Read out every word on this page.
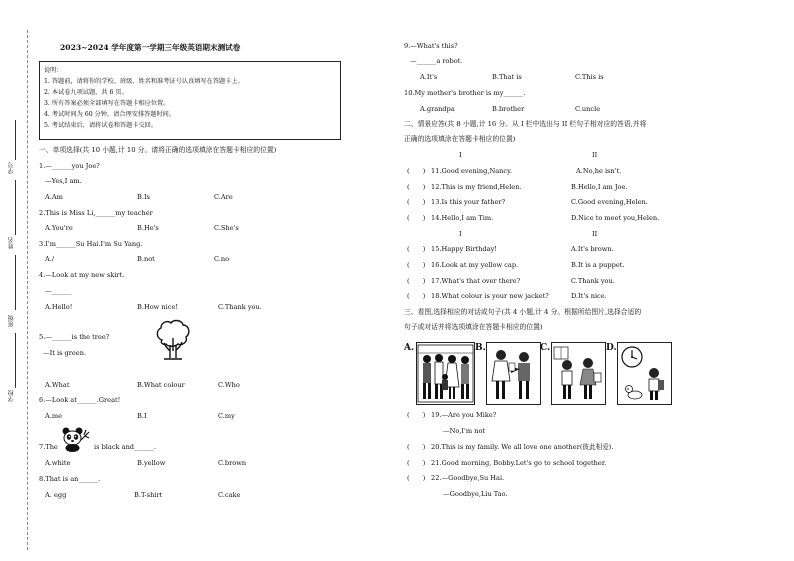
学号
姓名
班级
学校
2023~2024 学年度第一学期三年级英语期末测试卷
说明：
1. 答题前，请将你的学校、班级、姓名和准考证号认真填写在答题卡上。
2. 本试卷九项试题，共 6 页。
3. 所有答案必须全部填写在答题卡相应位置。
4. 考试时间为 60 分钟，请合理安排答题时间。
5. 考试结束后，请将试卷和答题卡交回。
一、单项选择(共 10 小题,计 10 分。请将正确的选项填涂在答题卡相应的位置)
1.—______you Joe?
—Yes,I am.
A.Am	B.Is	C.Are
2.This is Miss Li,______my teacher
A.You're	B.He's	C.She's
3.I'm______Su Hai.I'm Su Yang.
A./	B.not	C.no
4.—Look at my new skirt.
—______
A.Hello!	B.How nice!	C.Thank you.
5.—______is the tree?
—It is green.
A.What	B.What colour	C.Who
6.—Look at______.Great!
A.me	B.I	C.my
7.The	is black and______.
A.white	B.yellow	C.brown
8.That is an______.
A. egg	B.T-shirt	C.cake
9.—What's this?
—______a robot.
A.It's	B.That is	C.This is
10.My mother's brother is my______.
A.grandpa	B.brother	C.uncle
二、情景应答(共 8 小题,计 16 分。从 I 栏中选出与 II 栏句子相对应的答语,并将
正确的选项填涂在答题卡相应的位置)
I	II
(　　) 11.Good evening,Nancy.	A.No,he isn't.
(　　) 12.This is my friend,Helen.	B.Hello,I am Joe.
(　　) 13.Is this your father?	C.Good evening,Helen.
(　　) 14.Hello,I am Tim.	D.Nice to meet you,Helen.
I	II
(　　) 15.Happy Birthday!	A.It's brown.
(　　) 16.Look at my yellow cap.	B.It is a puppet.
(　　) 17.What's that over there?	C.Thank you.
(　　) 18.What colour is your new jacket?	D.It's nice.
三、看图,选择相应的对话或句子(共 4 小题,计 4 分。根据所给图片,选择合适的
句子或对话并将选项填涂在答题卡相应的位置)
A.	B.	C.	D.
(　　) 19.—Are you Mike?
—No,I'm not
(　　) 20.This is my family. We all love one another(彼此相爱).
(　　) 21.Good morning, Bobby.Let's go to school together.
(　　) 22.—Goodbye,Su Hai.
—Goodbye,Liu Tao.
